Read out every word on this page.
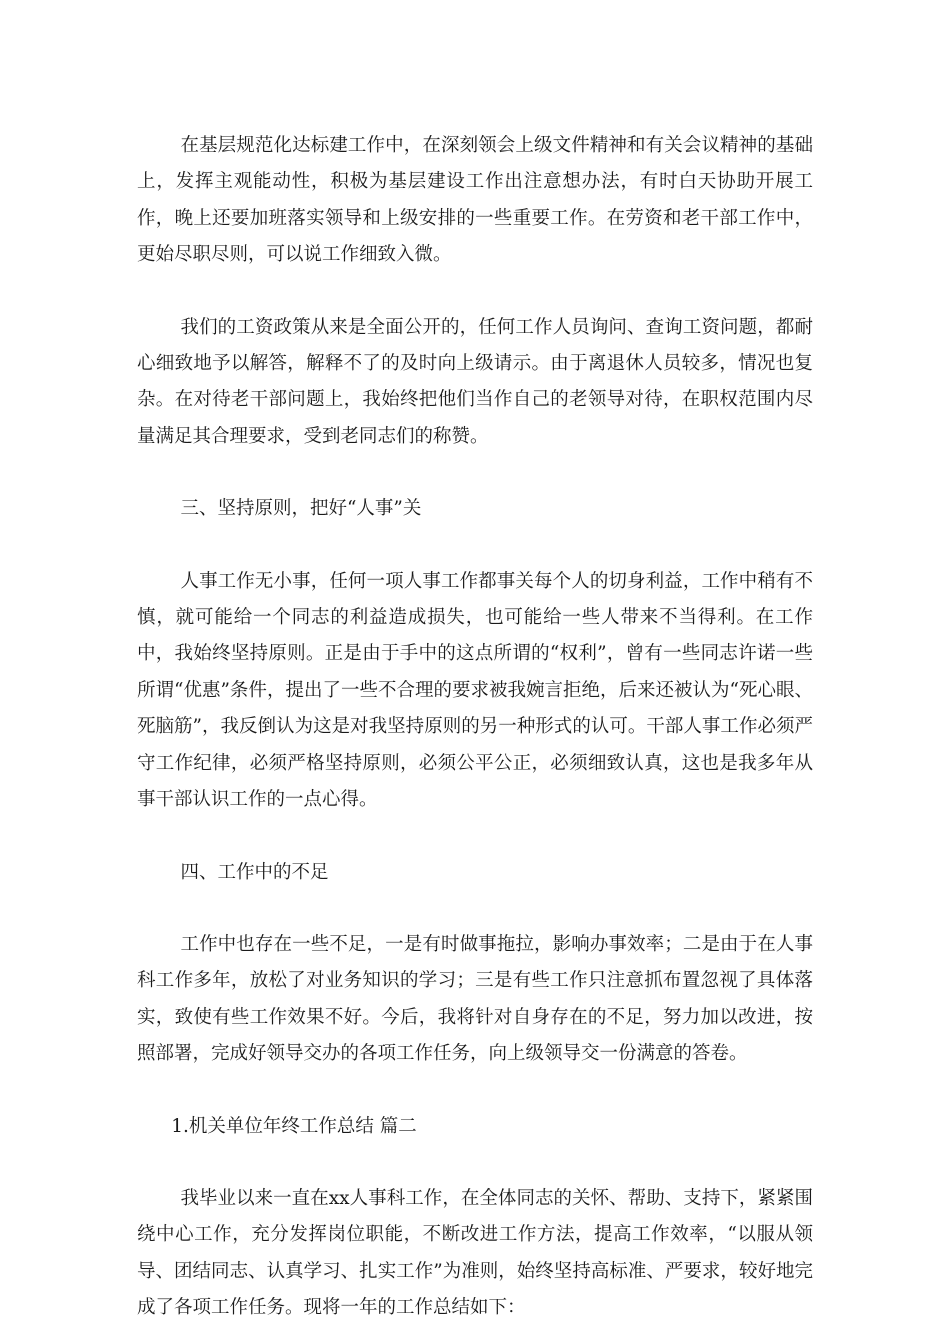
在基层规范化达标建工作中，在深刻领会上级文件精神和有关会议精神的基础上，发挥主观能动性，积极为基层建设工作出注意想办法，有时白天协助开展工作，晚上还要加班落实领导和上级安排的一些重要工作。在劳资和老干部工作中，更始尽职尽则，可以说工作细致入微。

我们的工资政策从来是全面公开的，任何工作人员询问、查询工资问题，都耐心细致地予以解答，解释不了的及时向上级请示。由于离退休人员较多，情况也复杂。在对待老干部问题上，我始终把他们当作自己的老领导对待，在职权范围内尽量满足其合理要求，受到老同志们的称赞。

三、坚持原则，把好“人事”关

人事工作无小事，任何一项人事工作都事关每个人的切身利益，工作中稍有不慎，就可能给一个同志的利益造成损失，也可能给一些人带来不当得利。在工作中，我始终坚持原则。正是由于手中的这点所谓的“权利”，曾有一些同志许诺一些所谓“优惠”条件，提出了一些不合理的要求被我婉言拒绝，后来还被认为“死心眼、死脑筋”，我反倒认为这是对我坚持原则的另一种形式的认可。干部人事工作必须严守工作纪律，必须严格坚持原则，必须公平公正，必须细致认真，这也是我多年从事干部认识工作的一点心得。

四、工作中的不足

工作中也存在一些不足，一是有时做事拖拉，影响办事效率；二是由于在人事科工作多年，放松了对业务知识的学习；三是有些工作只注意抓布置忽视了具体落实，致使有些工作效果不好。今后，我将针对自身存在的不足，努力加以改进，按照部署，完成好领导交办的各项工作任务，向上级领导交一份满意的答卷。

1.机关单位年终工作总结 篇二

我毕业以来一直在xx人事科工作，在全体同志的关怀、帮助、支持下，紧紧围绕中心工作，充分发挥岗位职能，不断改进工作方法，提高工作效率，“以服从领导、团结同志、认真学习、扎实工作”为准则，始终坚持高标准、严要求，较好地完成了各项工作任务。现将一年的工作总结如下：
